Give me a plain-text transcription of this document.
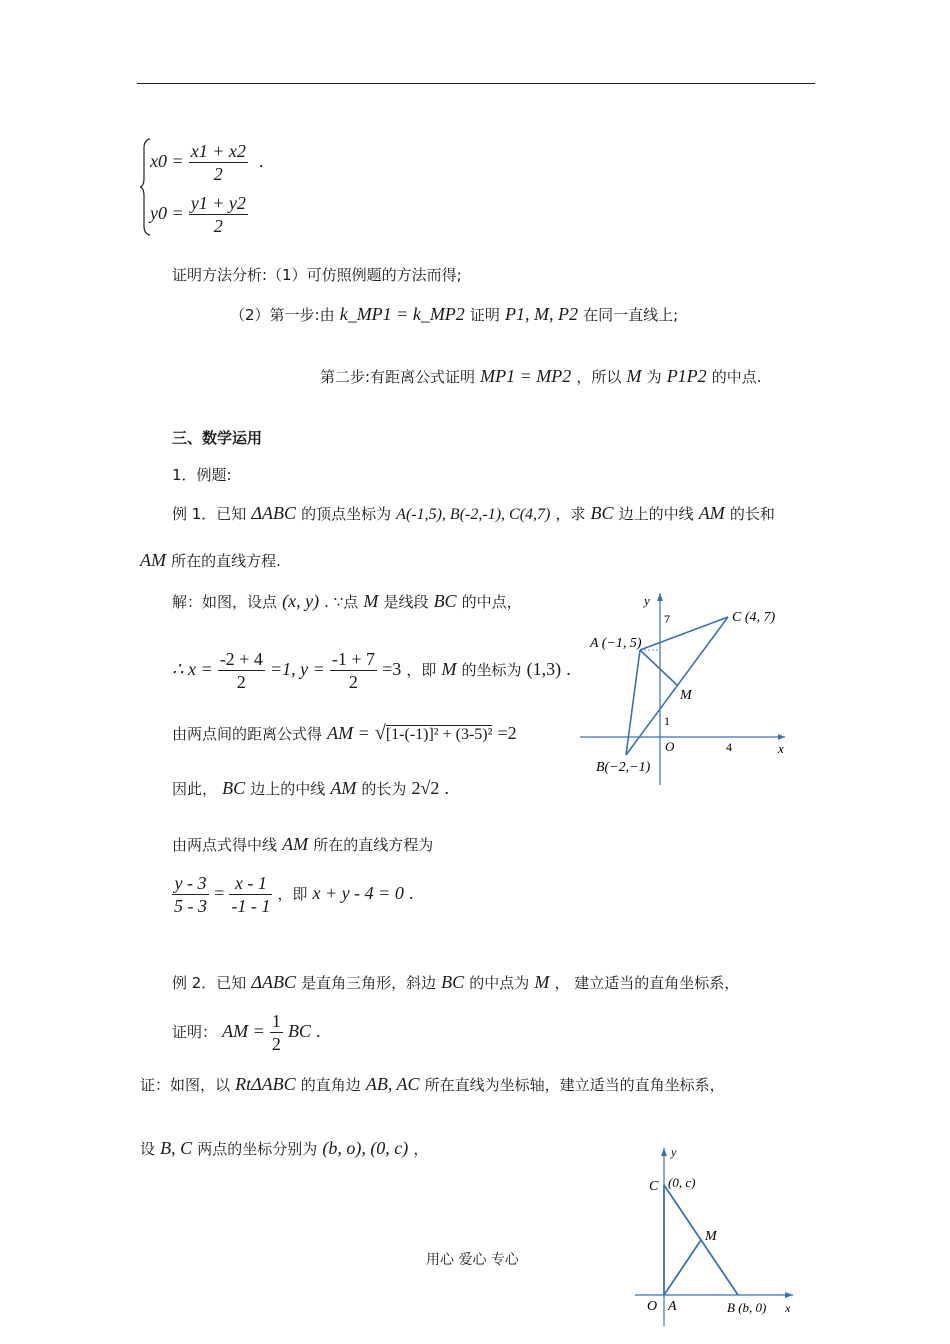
$x0 = \frac{x1 + x2}{2}$ .
$y0 = \frac{y1 + y2}{2}$
证明方法分析:（1）可仿照例题的方法而得;
（2）第一步:由 k_MP1 = k_MP2 证明 P1, M, P2 在同一直线上;
第二步:有距离公式证明 MP1 = MP2 ，所以 M 为 P1P2 的中点.
三、数学运用
1．例题:
例 1．已知 ΔABC 的顶点坐标为 A(-1,5), B(-2,-1), C(4,7) ，求 BC 边上的中线 AM 的长和
AM 所在的直线方程.
解：如图，设点 (x, y) . ∵点 M 是线段 BC 的中点，
∴ $x = \frac{-2 + 4}{2} =1$, $y = \frac{-1 + 7}{2} =3$ ，即 M 的坐标为 (1,3) .
由两点间的距离公式得 AM = √[1-(-1)]² + (3-5)² =2
因此， BC 边上的中线 AM 的长为 2√2 .
由两点式得中线 AM 所在的直线方程为
$\frac{y - 3}{5 - 3} = \frac{x - 1}{-1 - 1}$ ，即 x + y - 4 = 0 .
y
x
O
7
4
1
C (4, 7)
A (−1, 5)
B(−2,−1)
M
例 2．已知 ΔABC 是直角三角形，斜边 BC 的中点为 M ， 建立适当的直角坐标系，
证明： AM = $\frac{1}{2}$ BC .
证：如图，以 RtΔABC 的直角边 AB, AC 所在直线为坐标轴，建立适当的直角坐标系，
设 B, C 两点的坐标分别为 (b, o), (0, c) ，	y
x
O A
C (0, c)
B (b, 0)
M
用心 爱心 专心
